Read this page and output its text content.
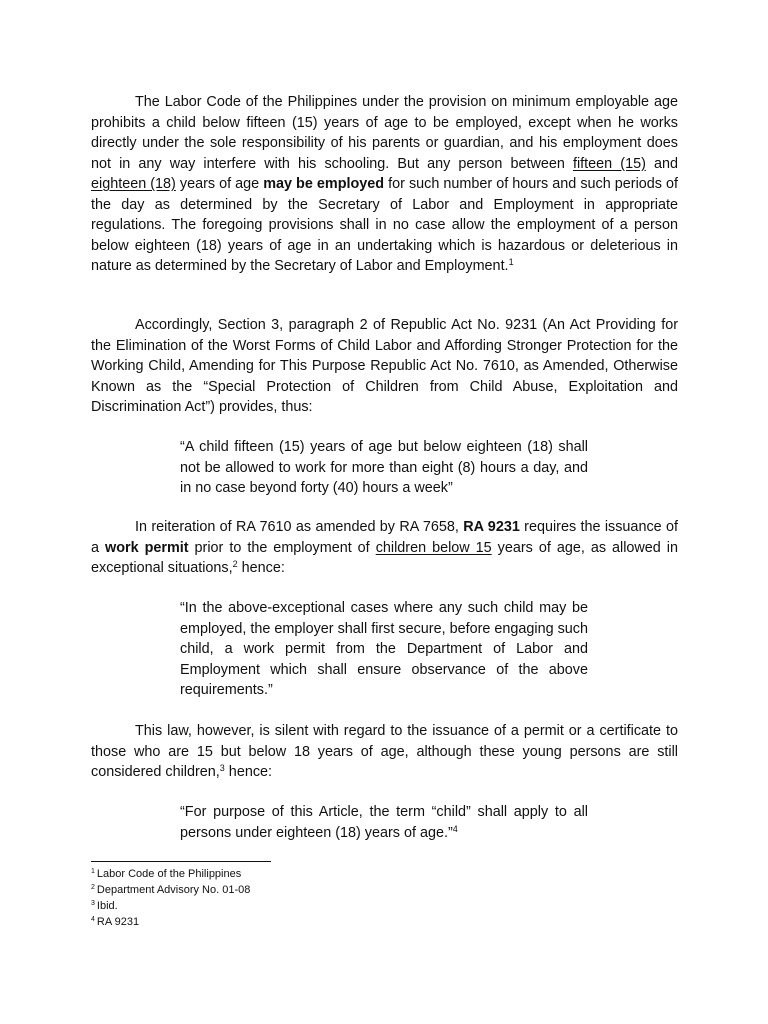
The Labor Code of the Philippines under the provision on minimum employable age prohibits a child below fifteen (15) years of age to be employed, except when he works directly under the sole responsibility of his parents or guardian, and his employment does not in any way interfere with his schooling. But any person between fifteen (15) and eighteen (18) years of age may be employed for such number of hours and such periods of the day as determined by the Secretary of Labor and Employment in appropriate regulations. The foregoing provisions shall in no case allow the employment of a person below eighteen (18) years of age in an undertaking which is hazardous or deleterious in nature as determined by the Secretary of Labor and Employment.$^1$

Accordingly, Section 3, paragraph 2 of Republic Act No. 9231 (An Act Providing for the Elimination of the Worst Forms of Child Labor and Affording Stronger Protection for the Working Child, Amending for This Purpose Republic Act No. 7610, as Amended, Otherwise Known as the “Special Protection of Children from Child Abuse, Exploitation and Discrimination Act”) provides, thus:

“A child fifteen (15) years of age but below eighteen (18) shall not be allowed to work for more than eight (8) hours a day, and in no case beyond forty (40) hours a week”

In reiteration of RA 7610 as amended by RA 7658, RA 9231 requires the issuance of a work permit prior to the employment of children below 15 years of age, as allowed in exceptional situations,$^2$ hence:

“In the above-exceptional cases where any such child may be employed, the employer shall first secure, before engaging such child, a work permit from the Department of Labor and Employment which shall ensure observance of the above requirements.”

This law, however, is silent with regard to the issuance of a permit or a certificate to those who are 15 but below 18 years of age, although these young persons are still considered children,$^3$ hence:

“For purpose of this Article, the term “child” shall apply to all persons under eighteen (18) years of age.”$^4$

$^1$ Labor Code of the Philippines
$^2$ Department Advisory No. 01-08
$^3$ Ibid.
$^4$ RA 9231
